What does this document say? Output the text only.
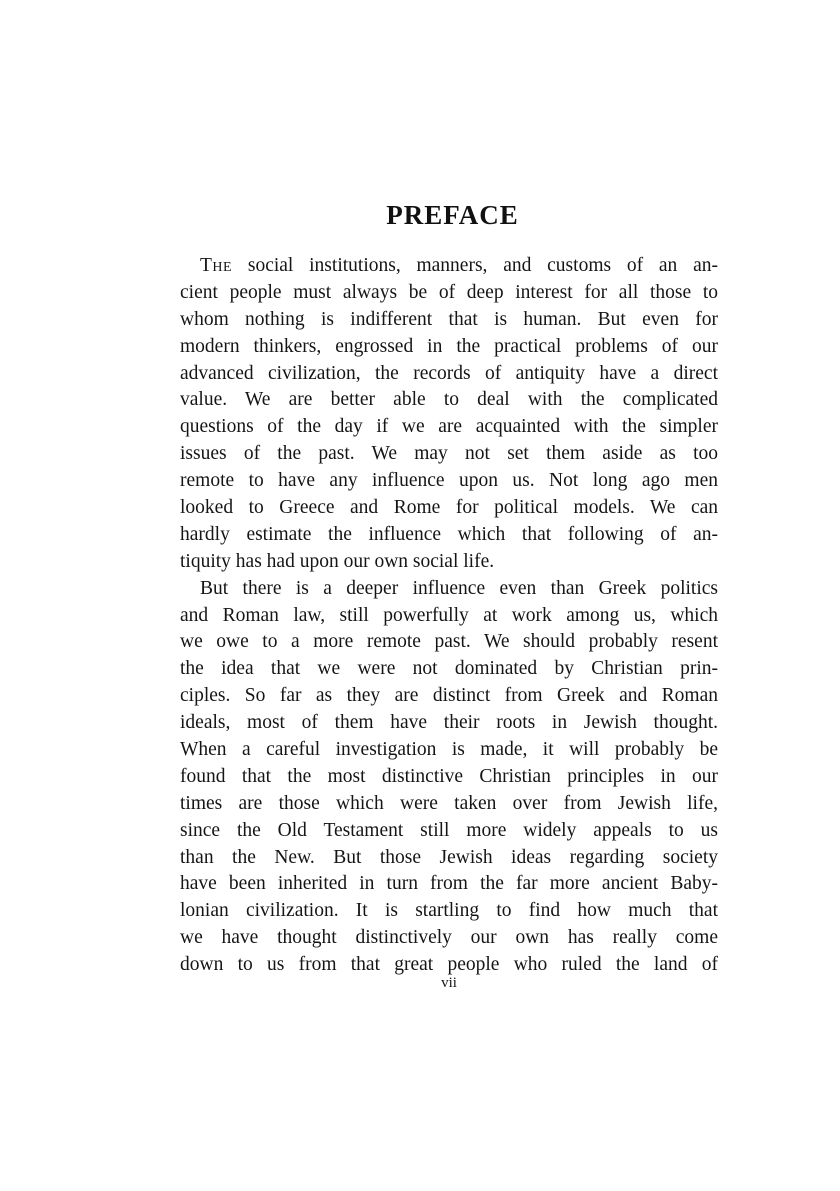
PREFACE
The social institutions, manners, and customs of an an-
cient people must always be of deep interest for all those to
whom nothing is indifferent that is human. But even for
modern thinkers, engrossed in the practical problems of our
advanced civilization, the records of antiquity have a direct
value. We are better able to deal with the complicated
questions of the day if we are acquainted with the simpler
issues of the past. We may not set them aside as too
remote to have any influence upon us. Not long ago men
looked to Greece and Rome for political models. We can
hardly estimate the influence which that following of an-
tiquity has had upon our own social life.
But there is a deeper influence even than Greek politics
and Roman law, still powerfully at work among us, which
we owe to a more remote past. We should probably resent
the idea that we were not dominated by Christian prin-
ciples. So far as they are distinct from Greek and Roman
ideals, most of them have their roots in Jewish thought.
When a careful investigation is made, it will probably be
found that the most distinctive Christian principles in our
times are those which were taken over from Jewish life,
since the Old Testament still more widely appeals to us
than the New. But those Jewish ideas regarding society
have been inherited in turn from the far more ancient Baby-
lonian civilization. It is startling to find how much that
we have thought distinctively our own has really come
down to us from that great people who ruled the land of
vii
